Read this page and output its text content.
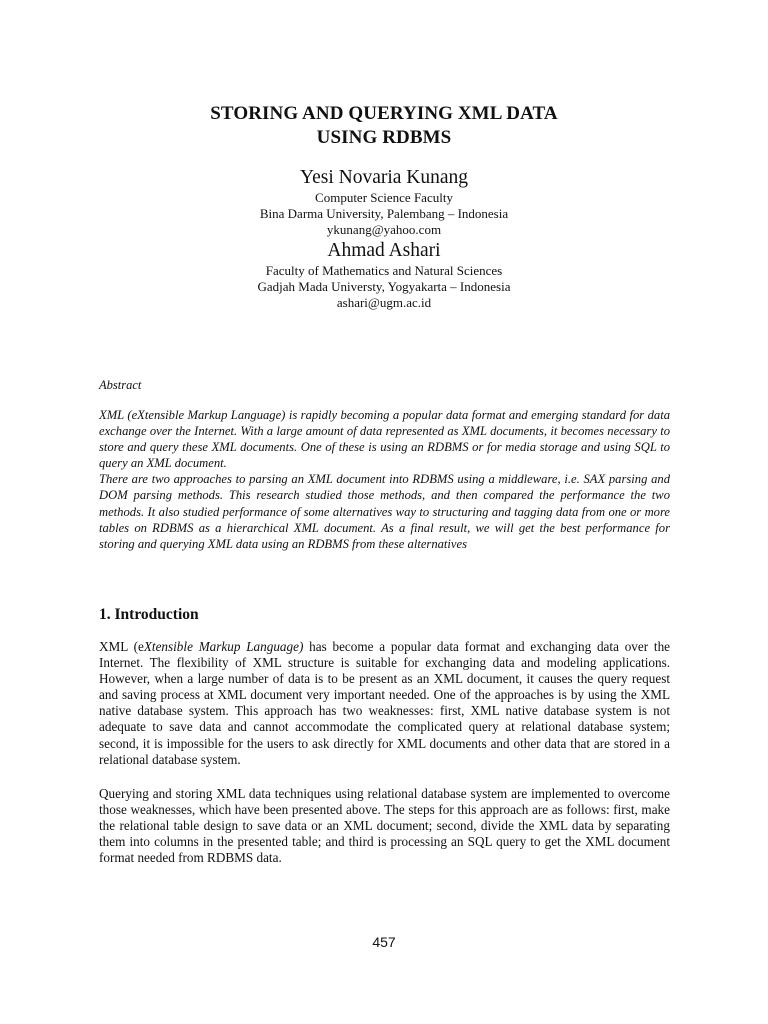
STORING AND QUERYING XML DATA
USING RDBMS
Yesi Novaria Kunang
Computer Science Faculty
Bina Darma University, Palembang – Indonesia
ykunang@yahoo.com
Ahmad Ashari
Faculty of Mathematics and Natural Sciences
Gadjah Mada Universty, Yogyakarta – Indonesia
ashari@ugm.ac.id
Abstract

XML (eXtensible Markup Language) is rapidly becoming a popular data format and emerging standard for data exchange over the Internet. With a large amount of data represented as XML documents, it becomes necessary to store and query these XML documents. One of these is using an RDBMS or for media storage and using SQL to query an XML document.

There are two approaches to parsing an XML document into RDBMS using a middleware, i.e. SAX parsing and DOM parsing methods. This research studied those methods, and then compared the performance the two methods. It also studied performance of some alternatives way to structuring and tagging data from one or more tables on RDBMS as a hierarchical XML document. As a final result, we will get the best performance for storing and querying XML data using an RDBMS from these alternatives

1. Introduction
XML (eXtensible Markup Language) has become a popular data format and exchanging data over the Internet. The flexibility of XML structure is suitable for exchanging data and modeling applications. However, when a large number of data is to be present as an XML document, it causes the query request and saving process at XML document very important needed. One of the approaches is by using the XML native database system. This approach has two weaknesses: first, XML native database system is not adequate to save data and cannot accommodate the complicated query at relational database system; second, it is impossible for the users to ask directly for XML documents and other data that are stored in a relational database system.
Querying and storing XML data techniques using relational database system are implemented to overcome those weaknesses, which have been presented above. The steps for this approach are as follows: first, make the relational table design to save data or an XML document; second, divide the XML data by separating them into columns in the presented table; and third is processing an SQL query to get the XML document format needed from RDBMS data.
457
